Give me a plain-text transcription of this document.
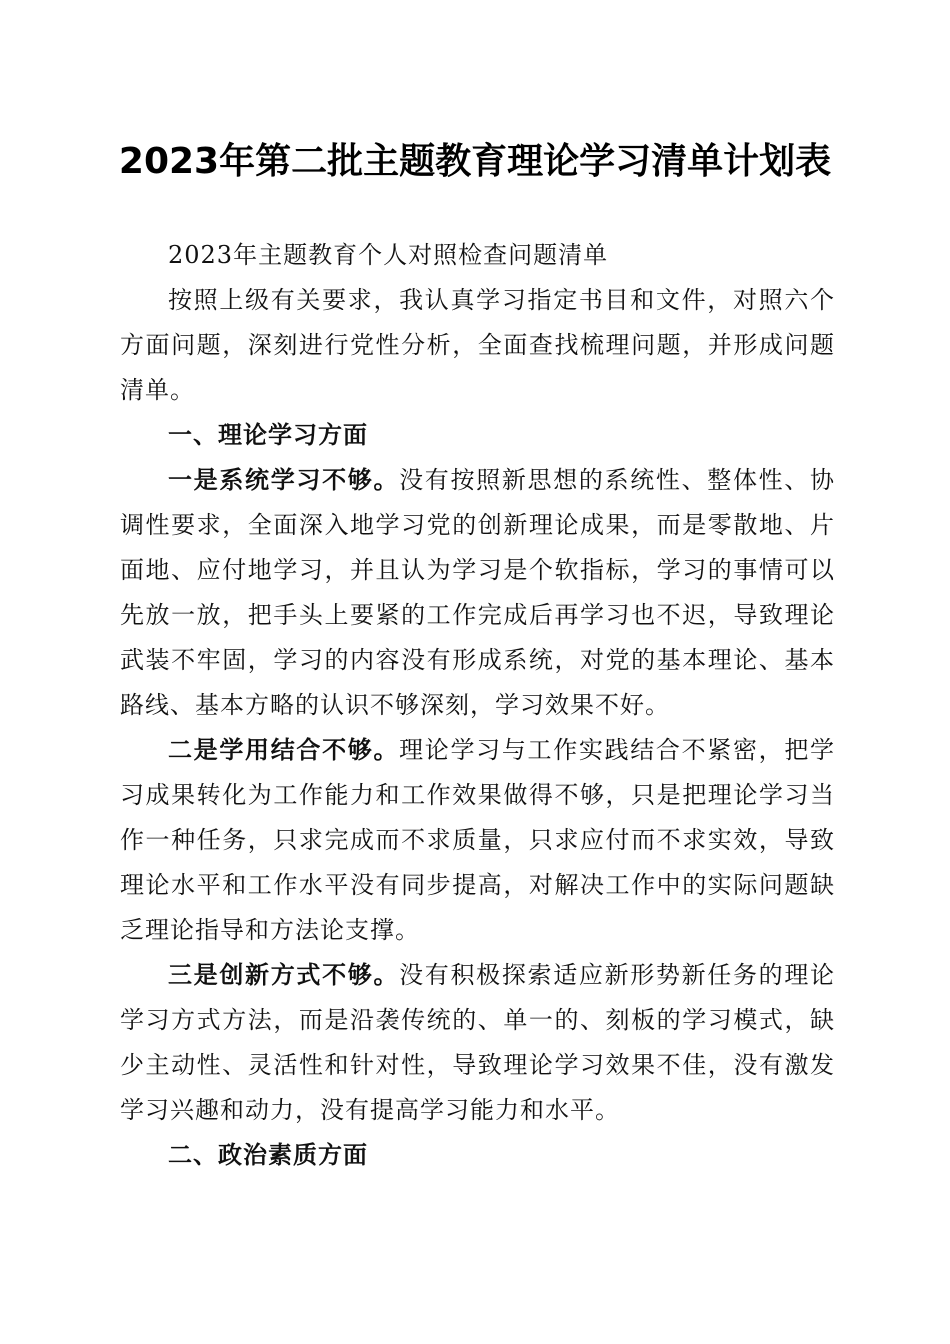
2023年第二批主题教育理论学习清单计划表

2023年主题教育个人对照检查问题清单

按照上级有关要求，我认真学习指定书目和文件，对照六个方面问题，深刻进行党性分析，全面查找梳理问题，并形成问题清单。

一、理论学习方面

一是系统学习不够。没有按照新思想的系统性、整体性、协调性要求，全面深入地学习党的创新理论成果，而是零散地、片面地、应付地学习，并且认为学习是个软指标，学习的事情可以先放一放，把手头上要紧的工作完成后再学习也不迟，导致理论武装不牢固，学习的内容没有形成系统，对党的基本理论、基本路线、基本方略的认识不够深刻，学习效果不好。

二是学用结合不够。理论学习与工作实践结合不紧密，把学习成果转化为工作能力和工作效果做得不够，只是把理论学习当作一种任务，只求完成而不求质量，只求应付而不求实效，导致理论水平和工作水平没有同步提高，对解决工作中的实际问题缺乏理论指导和方法论支撑。

三是创新方式不够。没有积极探索适应新形势新任务的理论学习方式方法，而是沿袭传统的、单一的、刻板的学习模式，缺少主动性、灵活性和针对性，导致理论学习效果不佳，没有激发学习兴趣和动力，没有提高学习能力和水平。

二、政治素质方面
